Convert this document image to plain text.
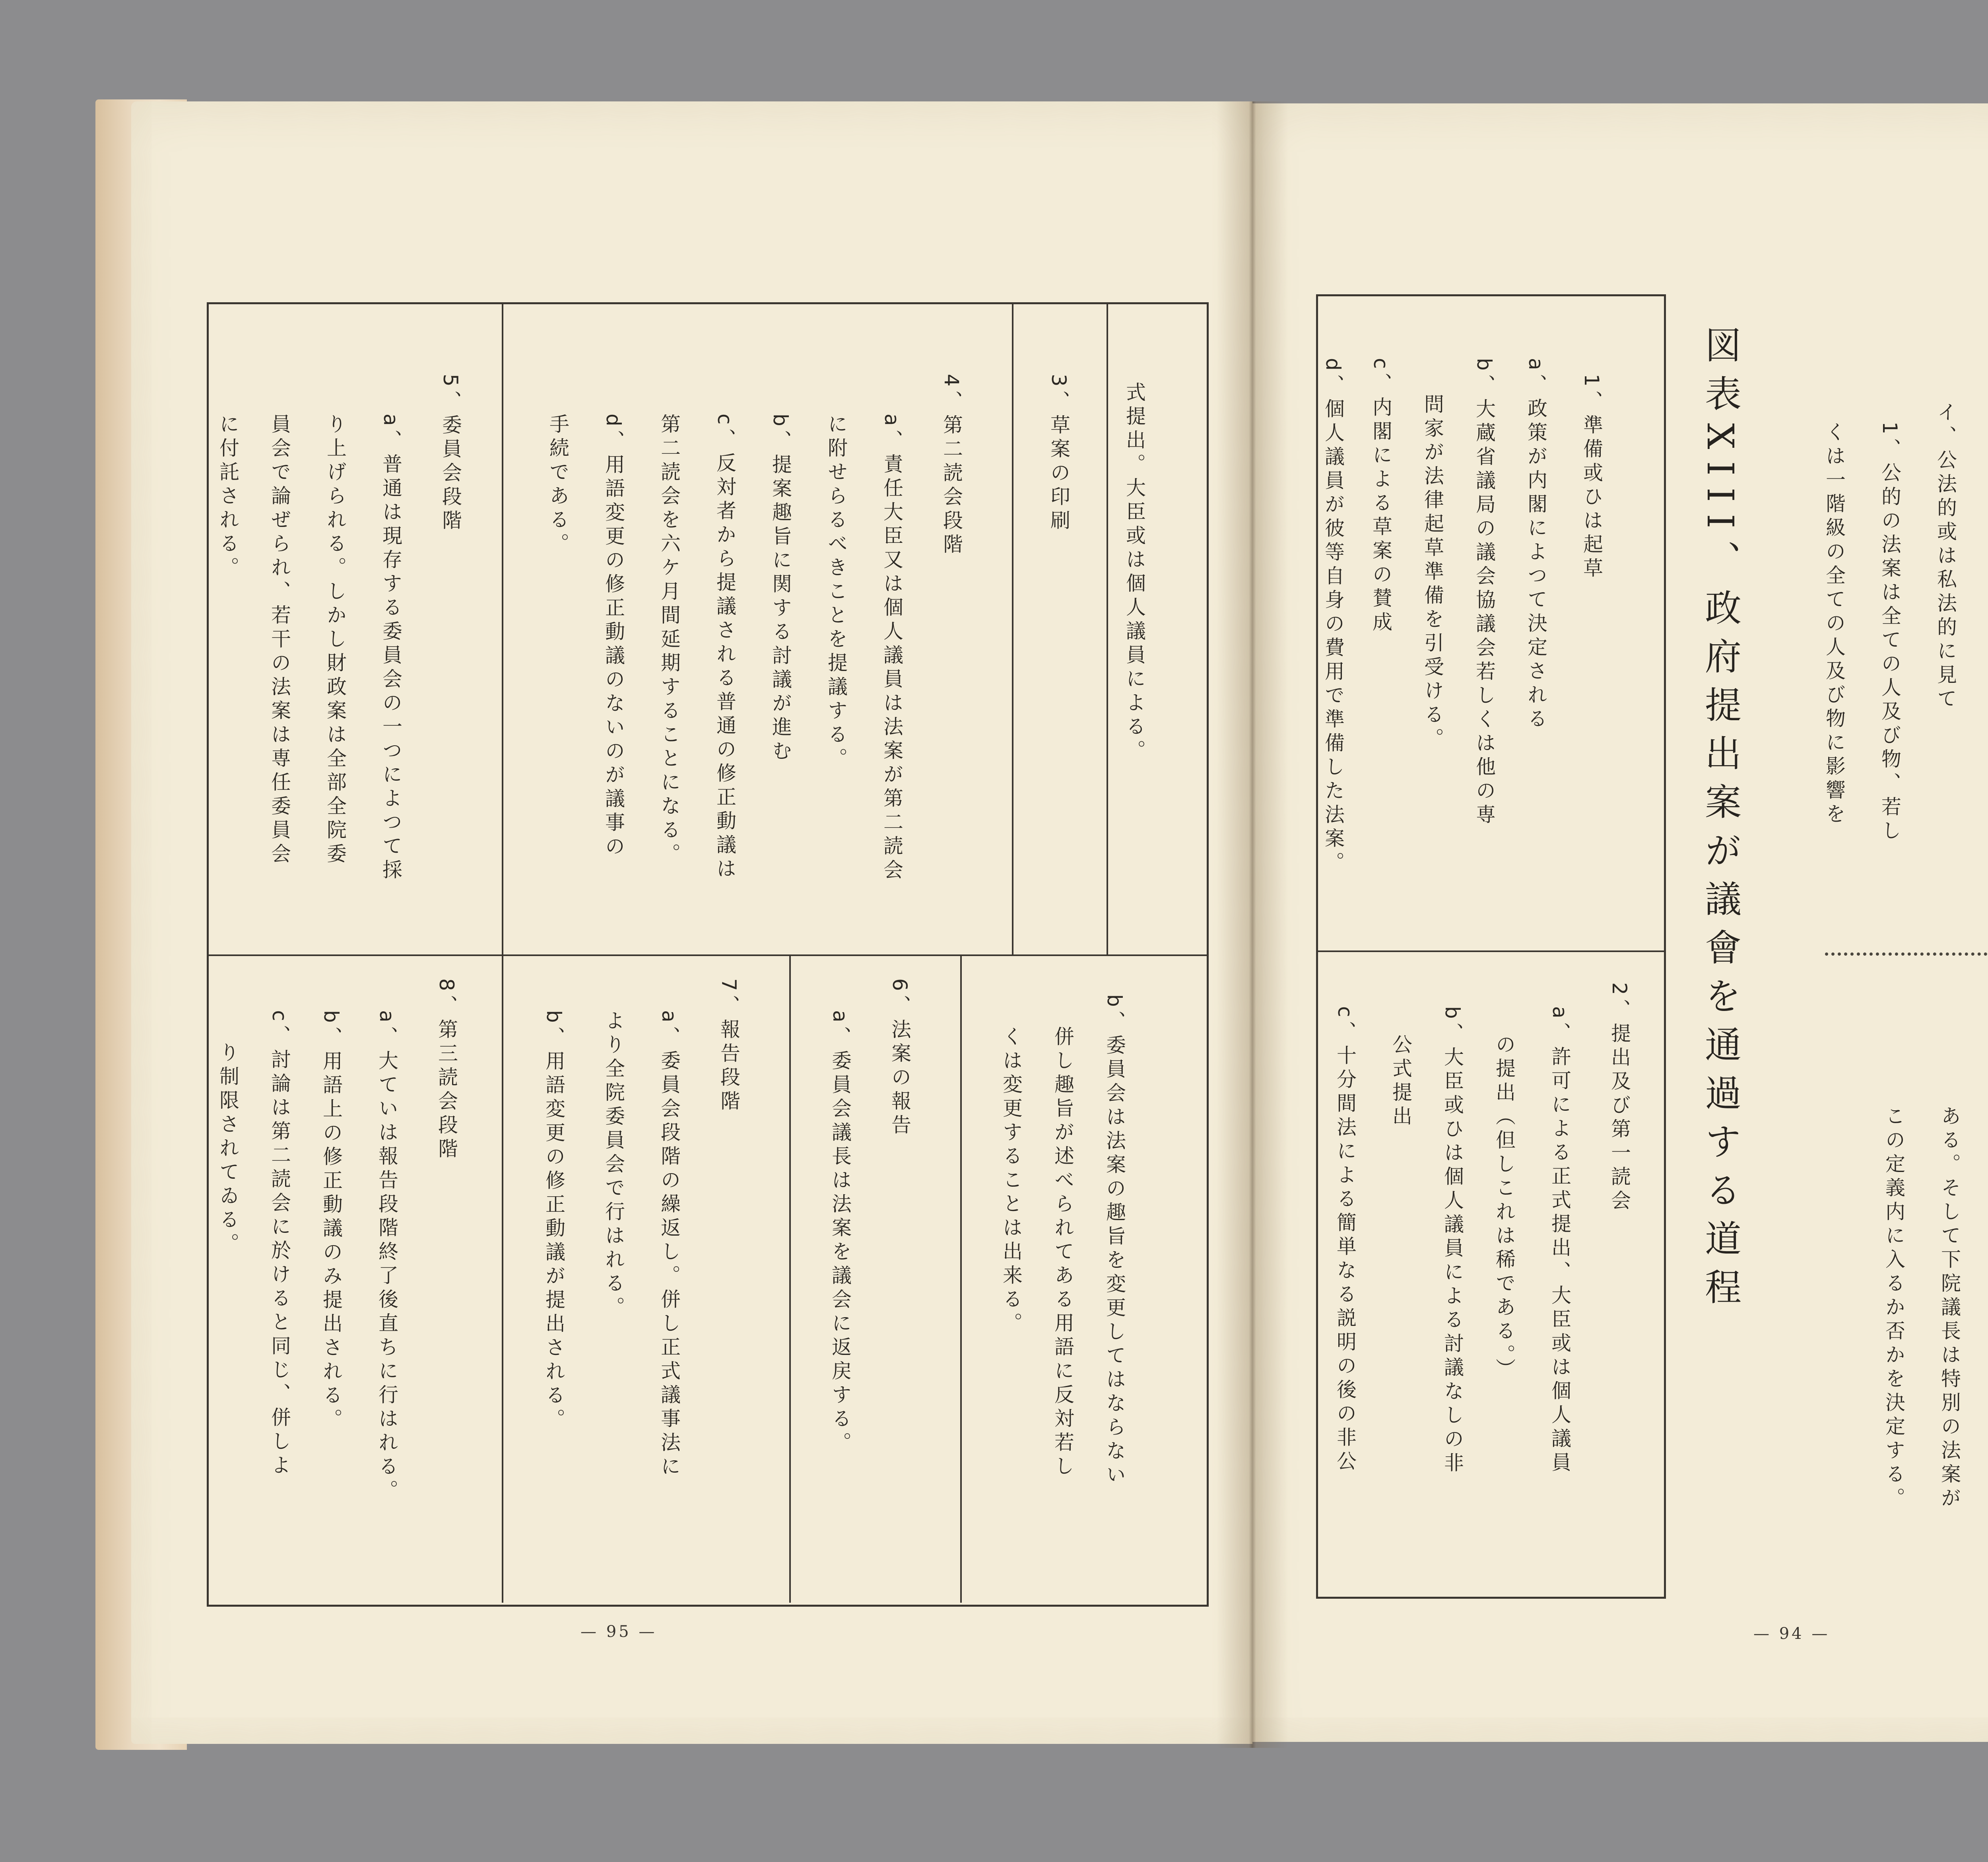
式提出。大臣或は個人議員による。
3、草案の印刷
4、第二読会段階
a、責任大臣又は個人議員は法案が第二読会
に附せらるべきことを提議する。
b、提案趣旨に関する討議が進む
c、反対者から提議される普通の修正動議は
第二読会を六ケ月間延期することになる。
d、用語変更の修正動議のないのが議事の
手続である。
5、委員会段階
a、普通は現存する委員会の一つによつて採
り上げられる。しかし財政案は全部全院委
員会で論ぜられ、若干の法案は専任委員会
に付託される。
b、委員会は法案の趣旨を変更してはならない
併し趣旨が述べられてある用語に反対若し
くは変更することは出来る。
6、法案の報告
a、委員会議長は法案を議会に返戻する。
7、報告段階
a、委員会段階の繰返し。併し正式議事法に
より全院委員会で行はれる。
b、用語変更の修正動議が提出される。
8、第三読会段階
a、大ていは報告段階終了後直ちに行はれる。
b、用語上の修正動議のみ提出される。
c、討論は第二読会に於けると同じ、併しよ
り制限されてゐる。
— 95 —
イ、公法的或は私法的に見て
1、公的の法案は全ての人及び物、若し
くは一階級の全ての人及び物に影響を
ある。そして下院議長は特別の法案が
この定義内に入るか否かを決定する。
図表XIII、政府提出案が議會を通過する道程
1、準備或ひは起草
a、政策が内閣によつて決定される
b、大蔵省議局の議会協議会若しくは他の専
問家が法律起草準備を引受ける。
c、内閣による草案の賛成
d、個人議員が彼等自身の費用で準備した法案。
2、提出及び第一読会
a、許可による正式提出、大臣或は個人議員
の提出（但しこれは稀である。）
b、大臣或ひは個人議員による討議なしの非
公式提出
c、十分間法による簡単なる説明の後の非公
— 94 —
